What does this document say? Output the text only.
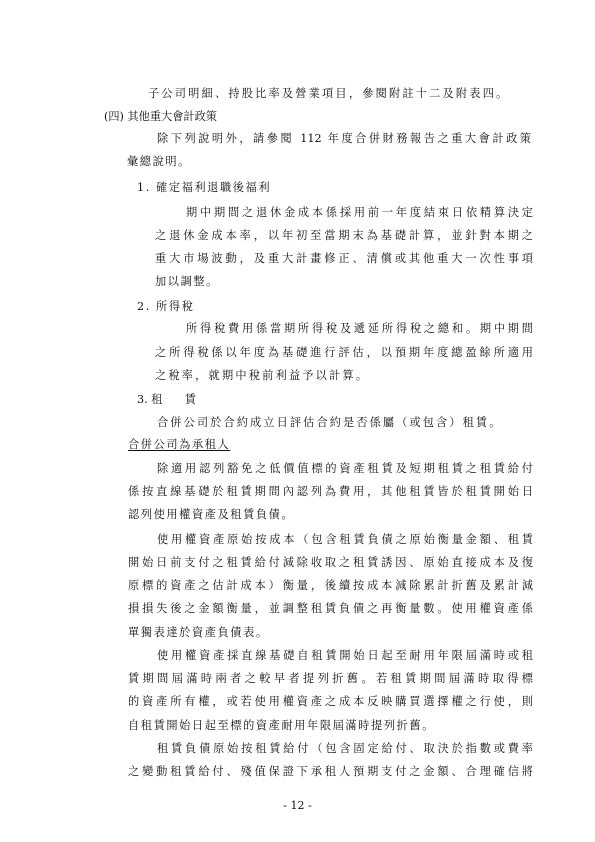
子公司明細、持股比率及營業項目，參閱附註十二及附表四。
(四) 其他重大會計政策
除下列說明外，請參閱 112 年度合併財務報告之重大會計政策
彙總說明。
1. 確定福利退職後福利
期中期間之退休金成本係採用前一年度結束日依精算決定
之退休金成本率，以年初至當期末為基礎計算，並針對本期之
重大市場波動，及重大計畫修正、清償或其他重大一次性事項
加以調整。
2. 所得稅
所得稅費用係當期所得稅及遞延所得稅之總和。期中期間
之所得稅係以年度為基礎進行評估，以預期年度總盈餘所適用
之稅率，就期中稅前利益予以計算。
3. 租　　賃
合併公司於合約成立日評估合約是否係屬（或包含）租賃。
合併公司為承租人
除適用認列豁免之低價值標的資產租賃及短期租賃之租賃給付
係按直線基礎於租賃期間內認列為費用，其他租賃皆於租賃開始日
認列使用權資產及租賃負債。
使用權資產原始按成本（包含租賃負債之原始衡量金額、租賃
開始日前支付之租賃給付減除收取之租賃誘因、原始直接成本及復
原標的資產之估計成本）衡量，後續按成本減除累計折舊及累計減
損損失後之金額衡量，並調整租賃負債之再衡量數。使用權資產係
單獨表達於資產負債表。
使用權資產採直線基礎自租賃開始日起至耐用年限屆滿時或租
賃期間屆滿時兩者之較早者提列折舊。若租賃期間屆滿時取得標
的資產所有權，或若使用權資產之成本反映購買選擇權之行使，則
自租賃開始日起至標的資產耐用年限屆滿時提列折舊。
租賃負債原始按租賃給付（包含固定給付、取決於指數或費率
之變動租賃給付、殘值保證下承租人預期支付之金額、合理確信將
- 12 -
